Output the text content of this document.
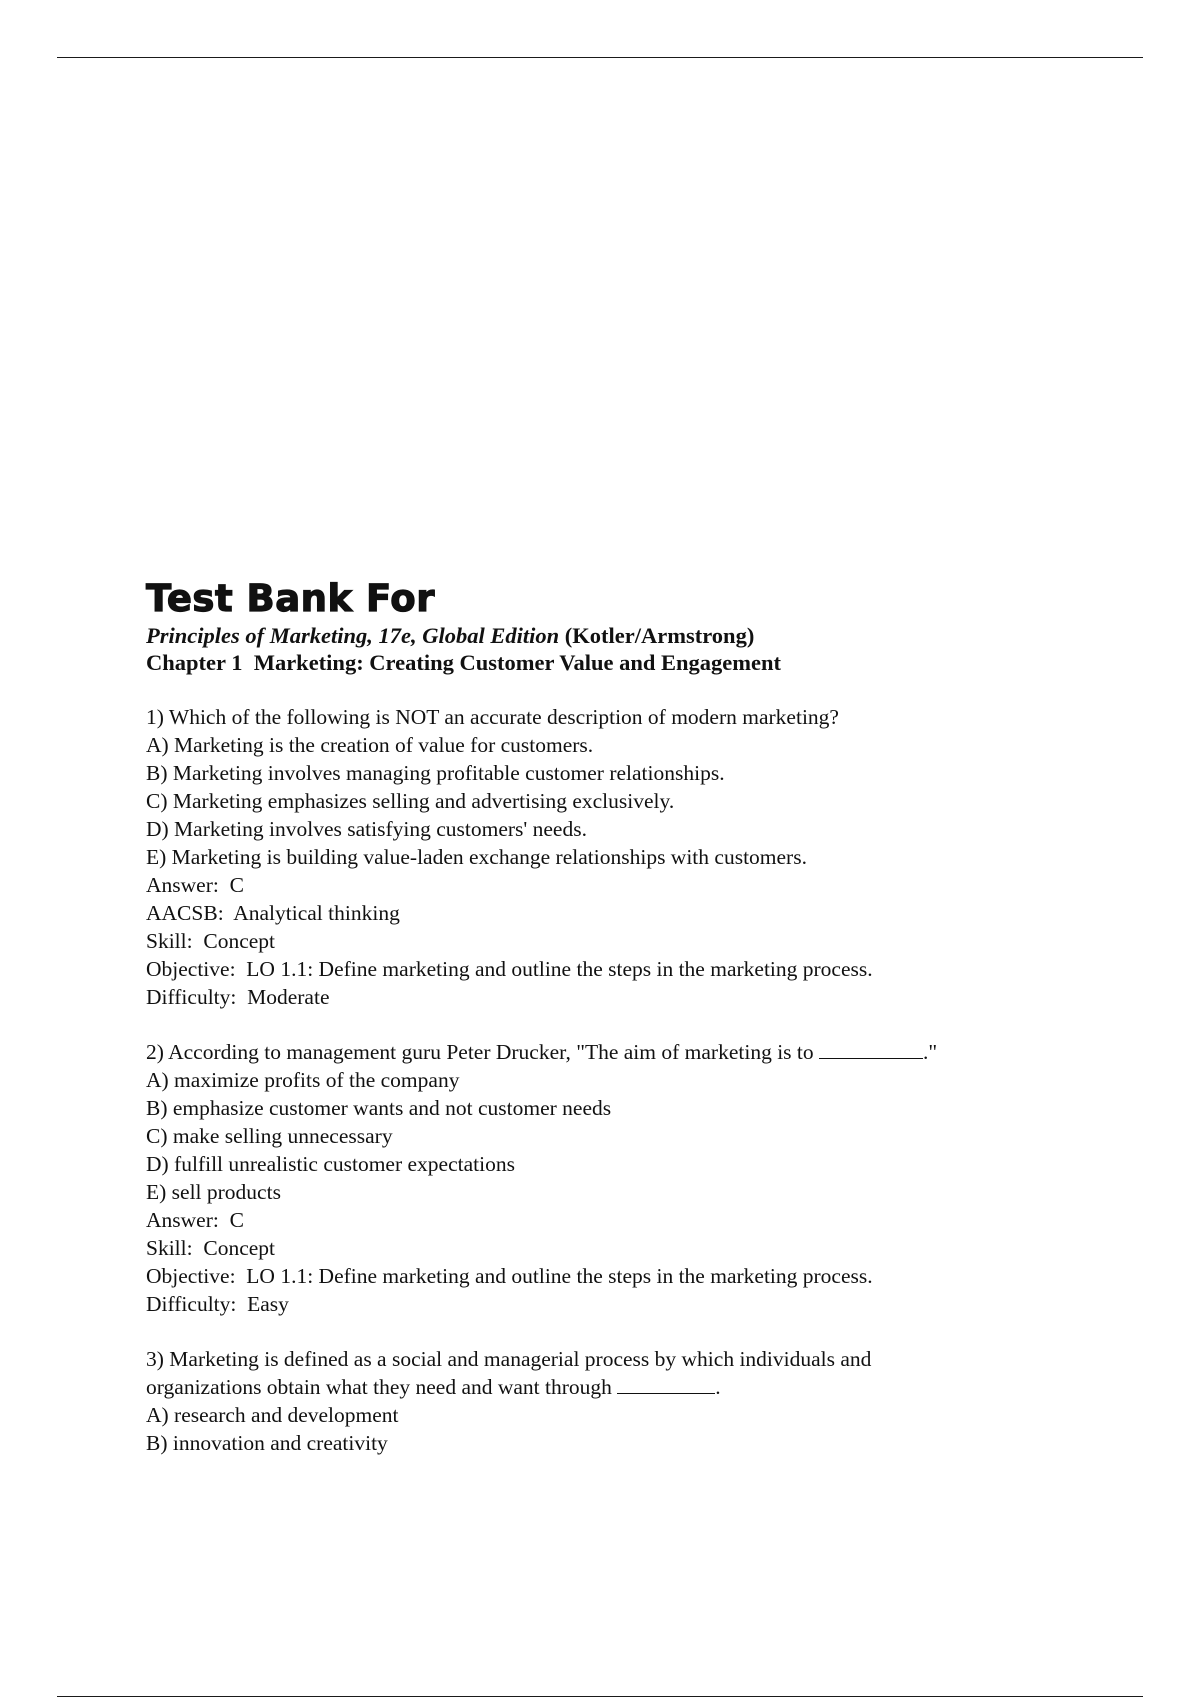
Test Bank For

Principles of Marketing, 17e, Global Edition (Kotler/Armstrong)

Chapter 1  Marketing: Creating Customer Value and Engagement

1) Which of the following is NOT an accurate description of modern marketing?

A) Marketing is the creation of value for customers.

B) Marketing involves managing profitable customer relationships.

C) Marketing emphasizes selling and advertising exclusively.

D) Marketing involves satisfying customers' needs.

E) Marketing is building value-laden exchange relationships with customers.

Answer:  C

AACSB:  Analytical thinking

Skill:  Concept

Objective:  LO 1.1: Define marketing and outline the steps in the marketing process.

Difficulty:  Moderate

2) According to management guru Peter Drucker, "The aim of marketing is to	."

A) maximize profits of the company

B) emphasize customer wants and not customer needs

C) make selling unnecessary

D) fulfill unrealistic customer expectations

E) sell products

Answer:  C

Skill:  Concept

Objective:  LO 1.1: Define marketing and outline the steps in the marketing process.

Difficulty:  Easy

3) Marketing is defined as a social and managerial process by which individuals and

organizations obtain what they need and want through	.

A) research and development

B) innovation and creativity
